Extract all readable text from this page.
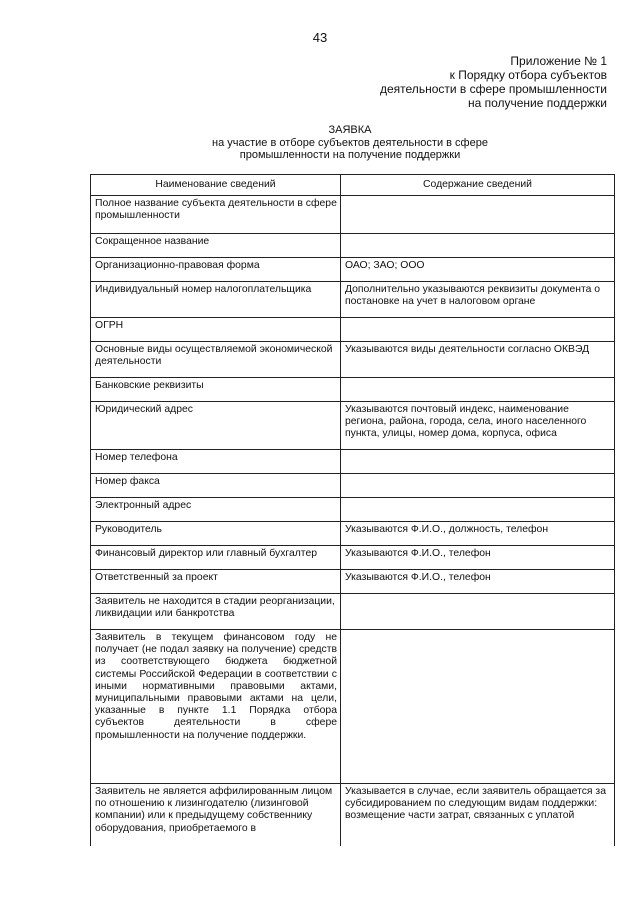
43
Приложение № 1
к Порядку отбора субъектов
деятельности в сфере промышленности
на получение поддержки
ЗАЯВКА
на участие в отборе субъектов деятельности в сфере
промышленности на получение поддержки
Наименование сведений	Содержание сведений
Полное название субъекта деятельности в сфере промышленности	
Сокращенное название	
Организационно-правовая форма	ОАО; ЗАО; ООО
Индивидуальный номер налогоплательщика	Дополнительно указываются реквизиты документа о постановке на учет в налоговом органе
ОГРН	
Основные виды осуществляемой экономической деятельности	Указываются виды деятельности согласно ОКВЭД
Банковские реквизиты	
Юридический адрес	Указываются почтовый индекс, наименование региона, района, города, села, иного населенного пункта, улицы, номер дома, корпуса, офиса
Номер телефона	
Номер факса	
Электронный адрес	
Руководитель	Указываются Ф.И.О., должность, телефон
Финансовый директор или главный бухгалтер	Указываются Ф.И.О., телефон
Ответственный за проект	Указываются Ф.И.О., телефон
Заявитель не находится в стадии реорганизации, ликвидации или банкротства	
Заявитель в текущем финансовом году не получает (не подал заявку на получение) средств из соответствующего бюджета бюджетной системы Российской Федерации в соответствии с иными нормативными правовыми актами, муниципальными правовыми актами на цели, указанные в пункте 1.1 Порядка отбора субъектов деятельности в сфере промышленности на получение поддержки.	
Заявитель не является аффилированным лицом по отношению к лизингодателю (лизинговой компании) или к предыдущему собственнику оборудования, приобретаемого в	Указывается в случае, если заявитель обращается за субсидированием по следующим видам поддержки: возмещение части затрат, связанных с уплатой
